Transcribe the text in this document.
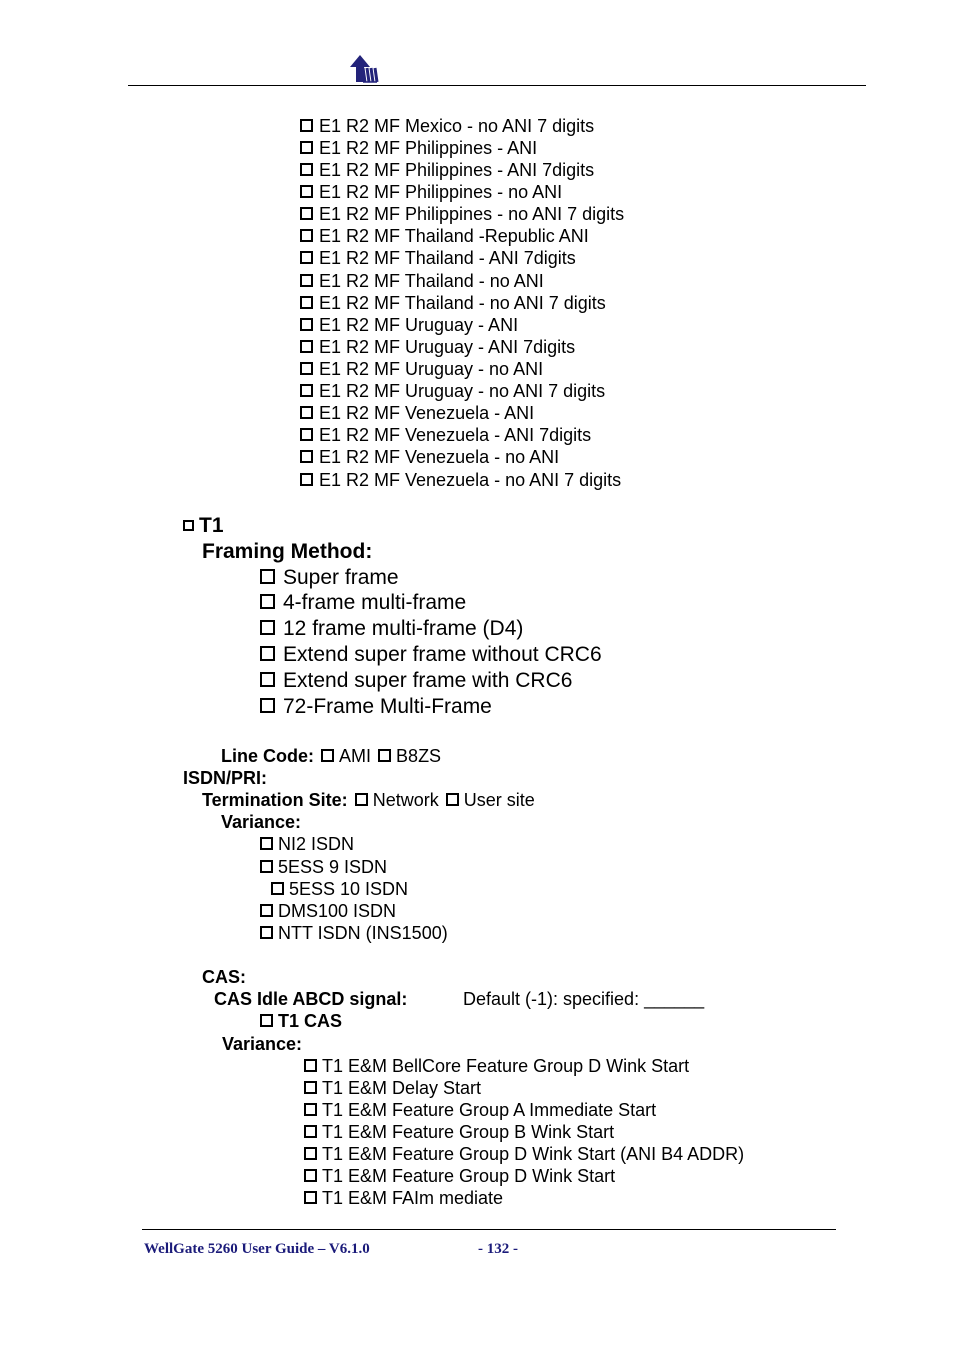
E1 R2 MF Mexico - no ANI 7 digits
E1 R2 MF Philippines - ANI
E1 R2 MF Philippines - ANI 7digits
E1 R2 MF Philippines - no ANI
E1 R2 MF Philippines - no ANI 7 digits
E1 R2 MF Thailand -Republic ANI
E1 R2 MF Thailand - ANI 7digits
E1 R2 MF Thailand - no ANI
E1 R2 MF Thailand - no ANI 7 digits
E1 R2 MF Uruguay - ANI
E1 R2 MF Uruguay - ANI 7digits
E1 R2 MF Uruguay - no ANI
E1 R2 MF Uruguay - no ANI 7 digits
E1 R2 MF Venezuela - ANI
E1 R2 MF Venezuela - ANI 7digits
E1 R2 MF Venezuela - no ANI
E1 R2 MF Venezuela - no ANI 7 digits
T1
Framing Method:
Super frame
4-frame multi-frame
12 frame multi-frame (D4)
Extend super frame without CRC6
Extend super frame with CRC6
72-Frame Multi-Frame
Line Code: AMI B8ZS
ISDN/PRI:
Termination Site: Network User site
Variance:
NI2 ISDN
5ESS 9 ISDN
5ESS 10 ISDN
DMS100 ISDN
NTT ISDN (INS1500)
CAS:
CAS Idle ABCD signal:	Default (-1): specified: ______
T1 CAS
Variance:
T1 E&M BellCore Feature Group D Wink Start
T1 E&M Delay Start
T1 E&M Feature Group A Immediate Start
T1 E&M Feature Group B Wink Start
T1 E&M Feature Group D Wink Start (ANI B4 ADDR)
T1 E&M Feature Group D Wink Start
T1 E&M FAIm mediate
WellGate 5260 User Guide – V6.1.0	- 132 -
